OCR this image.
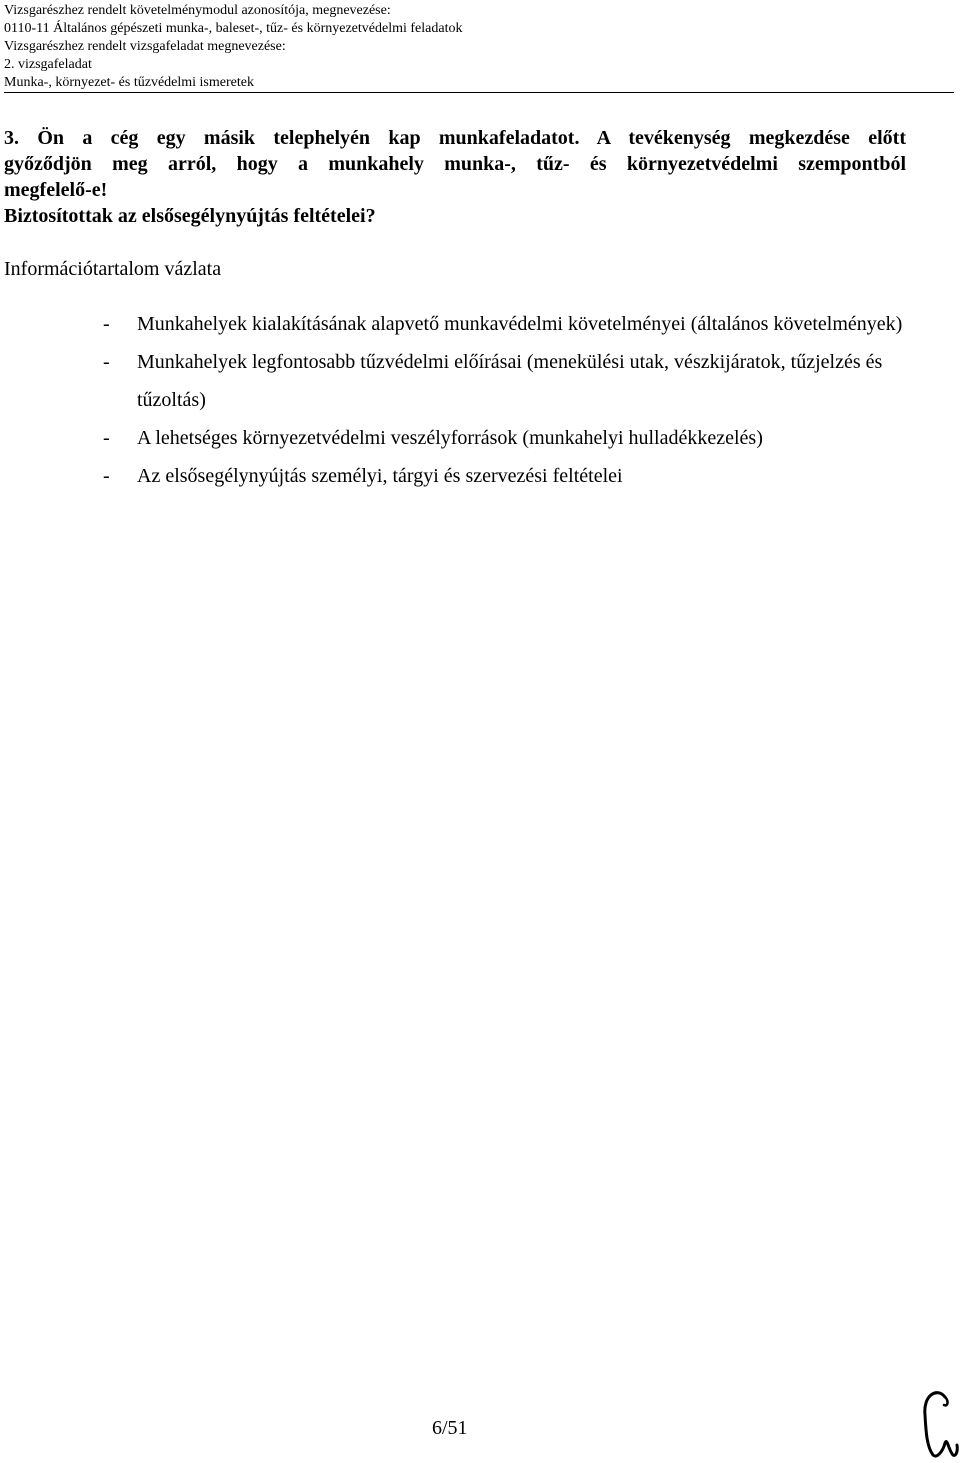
Vizsgarészhez rendelt követelménymodul azonosítója, megnevezése:
0110-11 Általános gépészeti munka-, baleset-, tűz- és környezetvédelmi feladatok
Vizsgarészhez rendelt vizsgafeladat megnevezése:
2. vizsgafeladat
Munka-, környezet- és tűzvédelmi ismeretek
3. Ön a cég egy másik telephelyén kap munkafeladatot. A tevékenység megkezdése előtt
győződjön meg arról, hogy a munkahely munka-, tűz- és környezetvédelmi szempontból
megfelelő-e!
Biztosítottak az elsősegélynyújtás feltételei?
Információtartalom vázlata
- Munkahelyek kialakításának alapvető munkavédelmi követelményei (általános követelmények)
- Munkahelyek legfontosabb tűzvédelmi előírásai (menekülési utak, vészkijáratok, tűzjelzés és tűzoltás)
- A lehetséges környezetvédelmi veszélyforrások (munkahelyi hulladékkezelés)
- Az elsősegélynyújtás személyi, tárgyi és szervezési feltételei
6/51
